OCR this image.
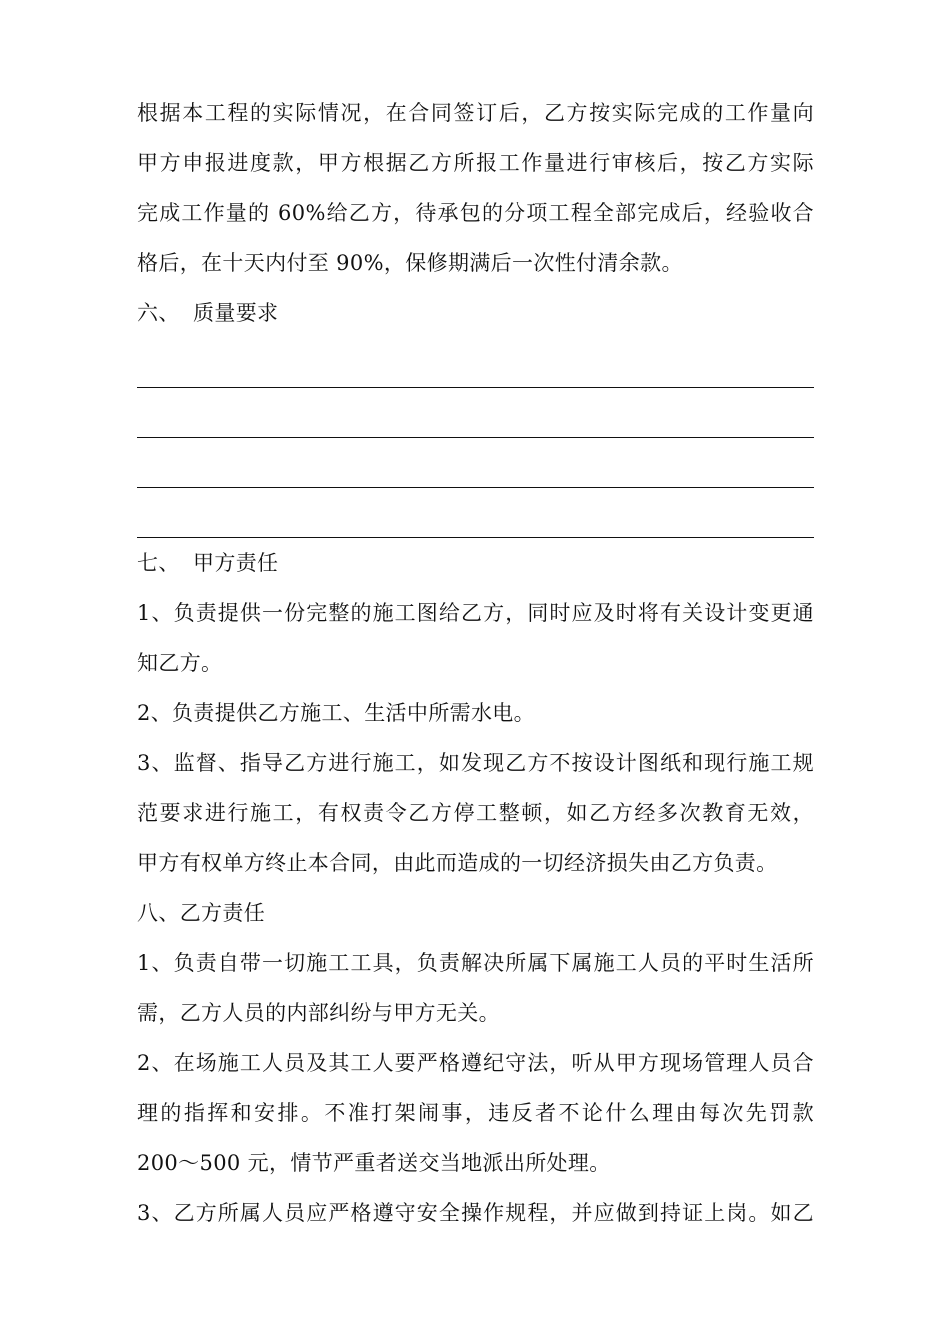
根据本工程的实际情况，在合同签订后，乙方按实际完成的工作量向
甲方申报进度款，甲方根据乙方所报工作量进行审核后，按乙方实际
完成工作量的 60%给乙方，待承包的分项工程全部完成后，经验收合
格后，在十天内付至 90%，保修期满后一次性付清余款。
六、 质量要求
七、 甲方责任
1、负责提供一份完整的施工图给乙方，同时应及时将有关设计变更通
知乙方。
2、负责提供乙方施工、生活中所需水电。
3、监督、指导乙方进行施工，如发现乙方不按设计图纸和现行施工规
范要求进行施工，有权责令乙方停工整顿，如乙方经多次教育无效，
甲方有权单方终止本合同，由此而造成的一切经济损失由乙方负责。
八、乙方责任
1、负责自带一切施工工具，负责解决所属下属施工人员的平时生活所
需，乙方人员的内部纠纷与甲方无关。
2、在场施工人员及其工人要严格遵纪守法，听从甲方现场管理人员合
理的指挥和安排。不准打架闹事，违反者不论什么理由每次先罚款
200～500 元，情节严重者送交当地派出所处理。
3、乙方所属人员应严格遵守安全操作规程，并应做到持证上岗。如乙
